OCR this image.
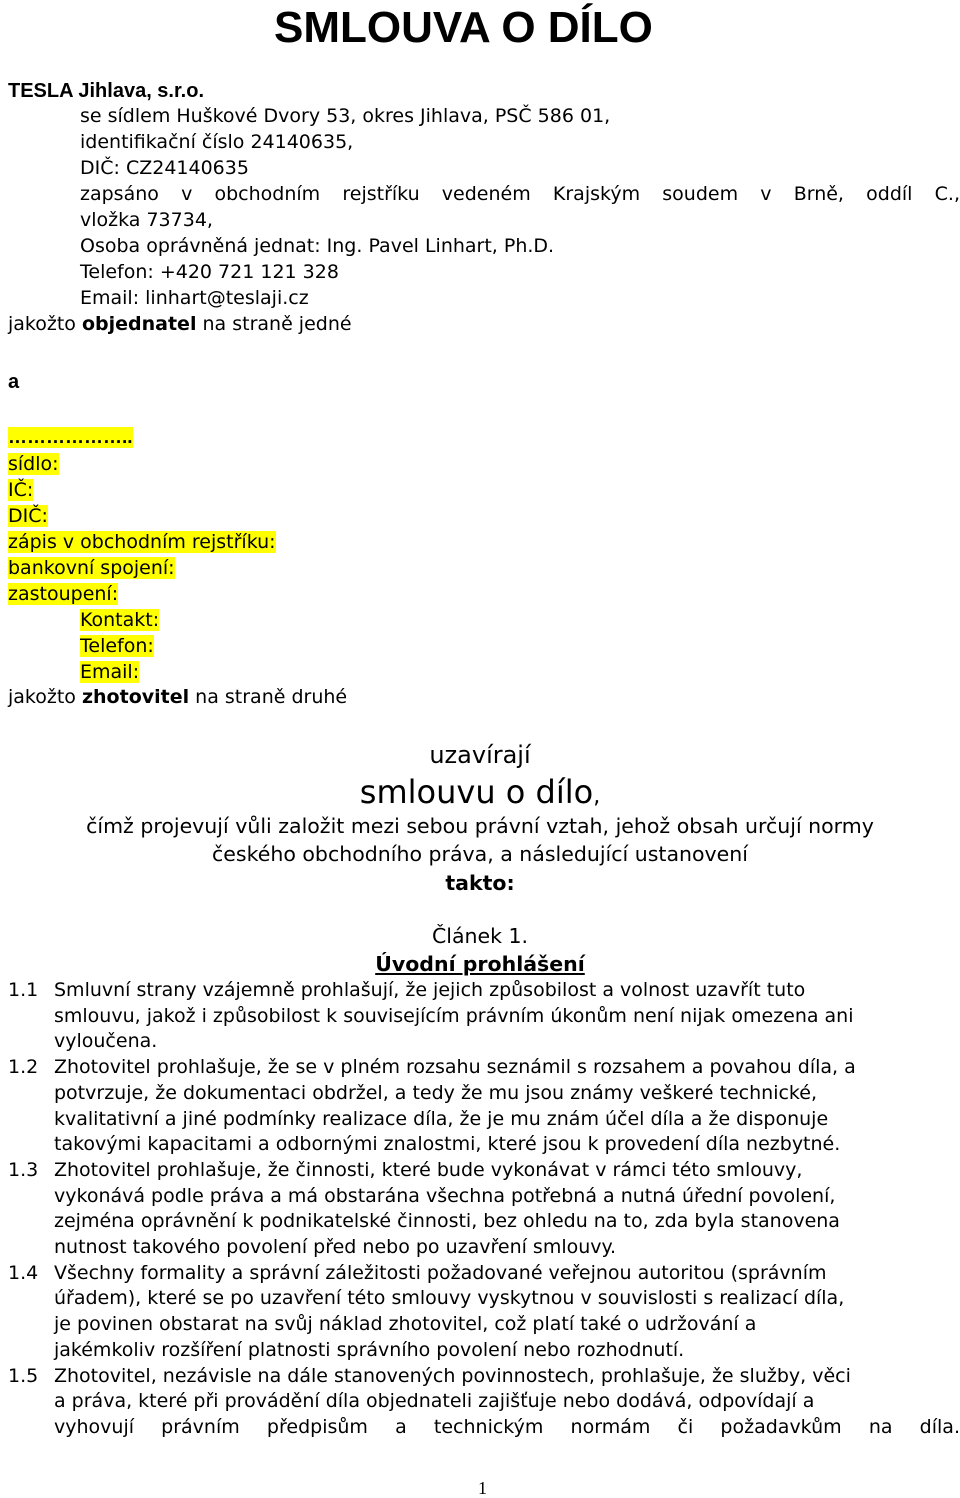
SMLOUVA O DÍLO
TESLA Jihlava, s.r.o.
se sídlem Huškové Dvory 53, okres Jihlava, PSČ 586 01,
identifikační číslo 24140635,
DIČ: CZ24140635
zapsáno v obchodním rejstříku vedeném Krajským soudem v Brně, oddíl C.,
vložka 73734,
Osoba oprávněná jednat: Ing. Pavel Linhart, Ph.D.
Telefon: +420 721 121 328
Email: linhart@teslaji.cz
jakožto objednatel na straně jedné
a
………………..
sídlo:
IČ:
DIČ:
zápis v obchodním rejstříku:
bankovní spojení:
zastoupení:
Kontakt:
Telefon:
Email:
jakožto zhotovitel na straně druhé
uzavírají
smlouvu o dílo,
čímž projevují vůli založit mezi sebou právní vztah, jehož obsah určují normy
českého obchodního práva, a následující ustanovení
takto:
Článek 1.
Úvodní prohlášení
1.1 Smluvní strany vzájemně prohlašují, že jejich způsobilost a volnost uzavřít tuto
smlouvu, jakož i způsobilost k souvisejícím právním úkonům není nijak omezena ani
vyloučena.
1.2 Zhotovitel prohlašuje, že se v plném rozsahu seznámil s rozsahem a povahou díla, a
potvrzuje, že dokumentaci obdržel, a tedy že mu jsou známy veškeré technické,
kvalitativní a jiné podmínky realizace díla, že je mu znám účel díla a že disponuje
takovými kapacitami a odbornými znalostmi, které jsou k provedení díla nezbytné.
1.3 Zhotovitel prohlašuje, že činnosti, které bude vykonávat v rámci této smlouvy,
vykonává podle práva a má obstarána všechna potřebná a nutná úřední povolení,
zejména oprávnění k podnikatelské činnosti, bez ohledu na to, zda byla stanovena
nutnost takového povolení před nebo po uzavření smlouvy.
1.4 Všechny formality a správní záležitosti požadované veřejnou autoritou (správním
úřadem), které se po uzavření této smlouvy vyskytnou v souvislosti s realizací díla,
je povinen obstarat na svůj náklad zhotovitel, což platí také o udržování a
jakémkoliv rozšíření platnosti správního povolení nebo rozhodnutí.
1.5 Zhotovitel, nezávisle na dále stanovených povinnostech, prohlašuje, že služby, věci
a práva, které při provádění díla objednateli zajišťuje nebo dodává, odpovídají a
vyhovují právním předpisům a technickým normám či požadavkům na díla.
1
